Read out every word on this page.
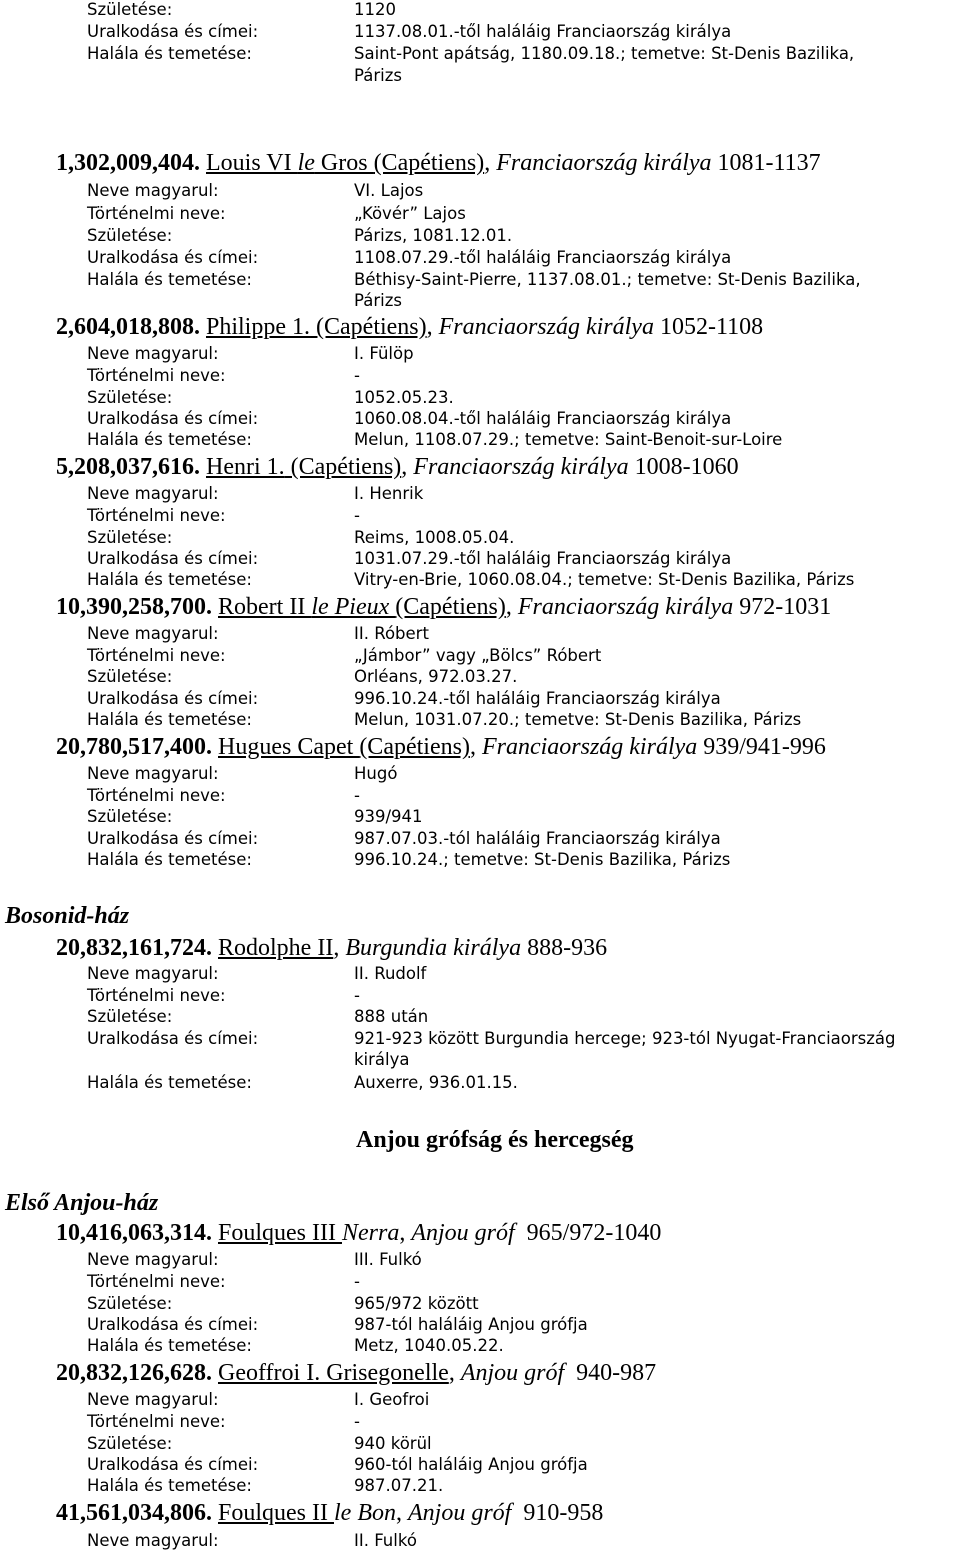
Születése:	1120
Uralkodása és címei:	1137.08.01.-től haláláig Franciaország királya
Halála és temetése:	Saint-Pont apátság, 1180.09.18.; temetve: St-Denis Bazilika,
Párizs
1,302,009,404. Louis VI le Gros (Capétiens), Franciaország királya 1081-1137
Neve magyarul:	VI. Lajos
Történelmi neve:	„Kövér” Lajos
Születése:	Párizs, 1081.12.01.
Uralkodása és címei:	1108.07.29.-től haláláig Franciaország királya
Halála és temetése:	Béthisy-Saint-Pierre, 1137.08.01.; temetve: St-Denis Bazilika,
Párizs
2,604,018,808. Philippe 1. (Capétiens), Franciaország királya 1052-1108
Neve magyarul:	I. Fülöp
Történelmi neve:	-
Születése:	1052.05.23.
Uralkodása és címei:	1060.08.04.-től haláláig Franciaország királya
Halála és temetése:	Melun, 1108.07.29.; temetve: Saint-Benoit-sur-Loire
5,208,037,616. Henri 1. (Capétiens), Franciaország királya 1008-1060
Neve magyarul:	I. Henrik
Történelmi neve:	-
Születése:	Reims, 1008.05.04.
Uralkodása és címei:	1031.07.29.-től haláláig Franciaország királya
Halála és temetése:	Vitry-en-Brie, 1060.08.04.; temetve: St-Denis Bazilika, Párizs
10,390,258,700. Robert II le Pieux (Capétiens), Franciaország királya 972-1031
Neve magyarul:	II. Róbert
Történelmi neve:	„Jámbor” vagy „Bölcs” Róbert
Születése:	Orléans, 972.03.27.
Uralkodása és címei:	996.10.24.-től haláláig Franciaország királya
Halála és temetése:	Melun, 1031.07.20.; temetve: St-Denis Bazilika, Párizs
20,780,517,400. Hugues Capet (Capétiens), Franciaország királya 939/941-996
Neve magyarul:	Hugó
Történelmi neve:	-
Születése:	939/941
Uralkodása és címei:	987.07.03.-tól haláláig Franciaország királya
Halála és temetése:	996.10.24.; temetve: St-Denis Bazilika, Párizs
Bosonid-ház
20,832,161,724. Rodolphe II, Burgundia királya 888-936
Neve magyarul:	II. Rudolf
Történelmi neve:	-
Születése:	888 után
Uralkodása és címei:	921-923 között Burgundia hercege; 923-tól Nyugat-Franciaország
királya
Halála és temetése:	Auxerre, 936.01.15.
Anjou grófság és hercegség
Első Anjou-ház
10,416,063,314. Foulques III Nerra, Anjou gróf  965/972-1040
Neve magyarul:	III. Fulkó
Történelmi neve:	-
Születése:	965/972 között
Uralkodása és címei:	987-tól haláláig Anjou grófja
Halála és temetése:	Metz, 1040.05.22.
20,832,126,628. Geoffroi I. Grisegonelle, Anjou gróf  940-987
Neve magyarul:	I. Geofroi
Történelmi neve:	-
Születése:	940 körül
Uralkodása és címei:	960-tól haláláig Anjou grófja
Halála és temetése:	987.07.21.
41,561,034,806. Foulques II le Bon, Anjou gróf  910-958
Neve magyarul:	II. Fulkó
